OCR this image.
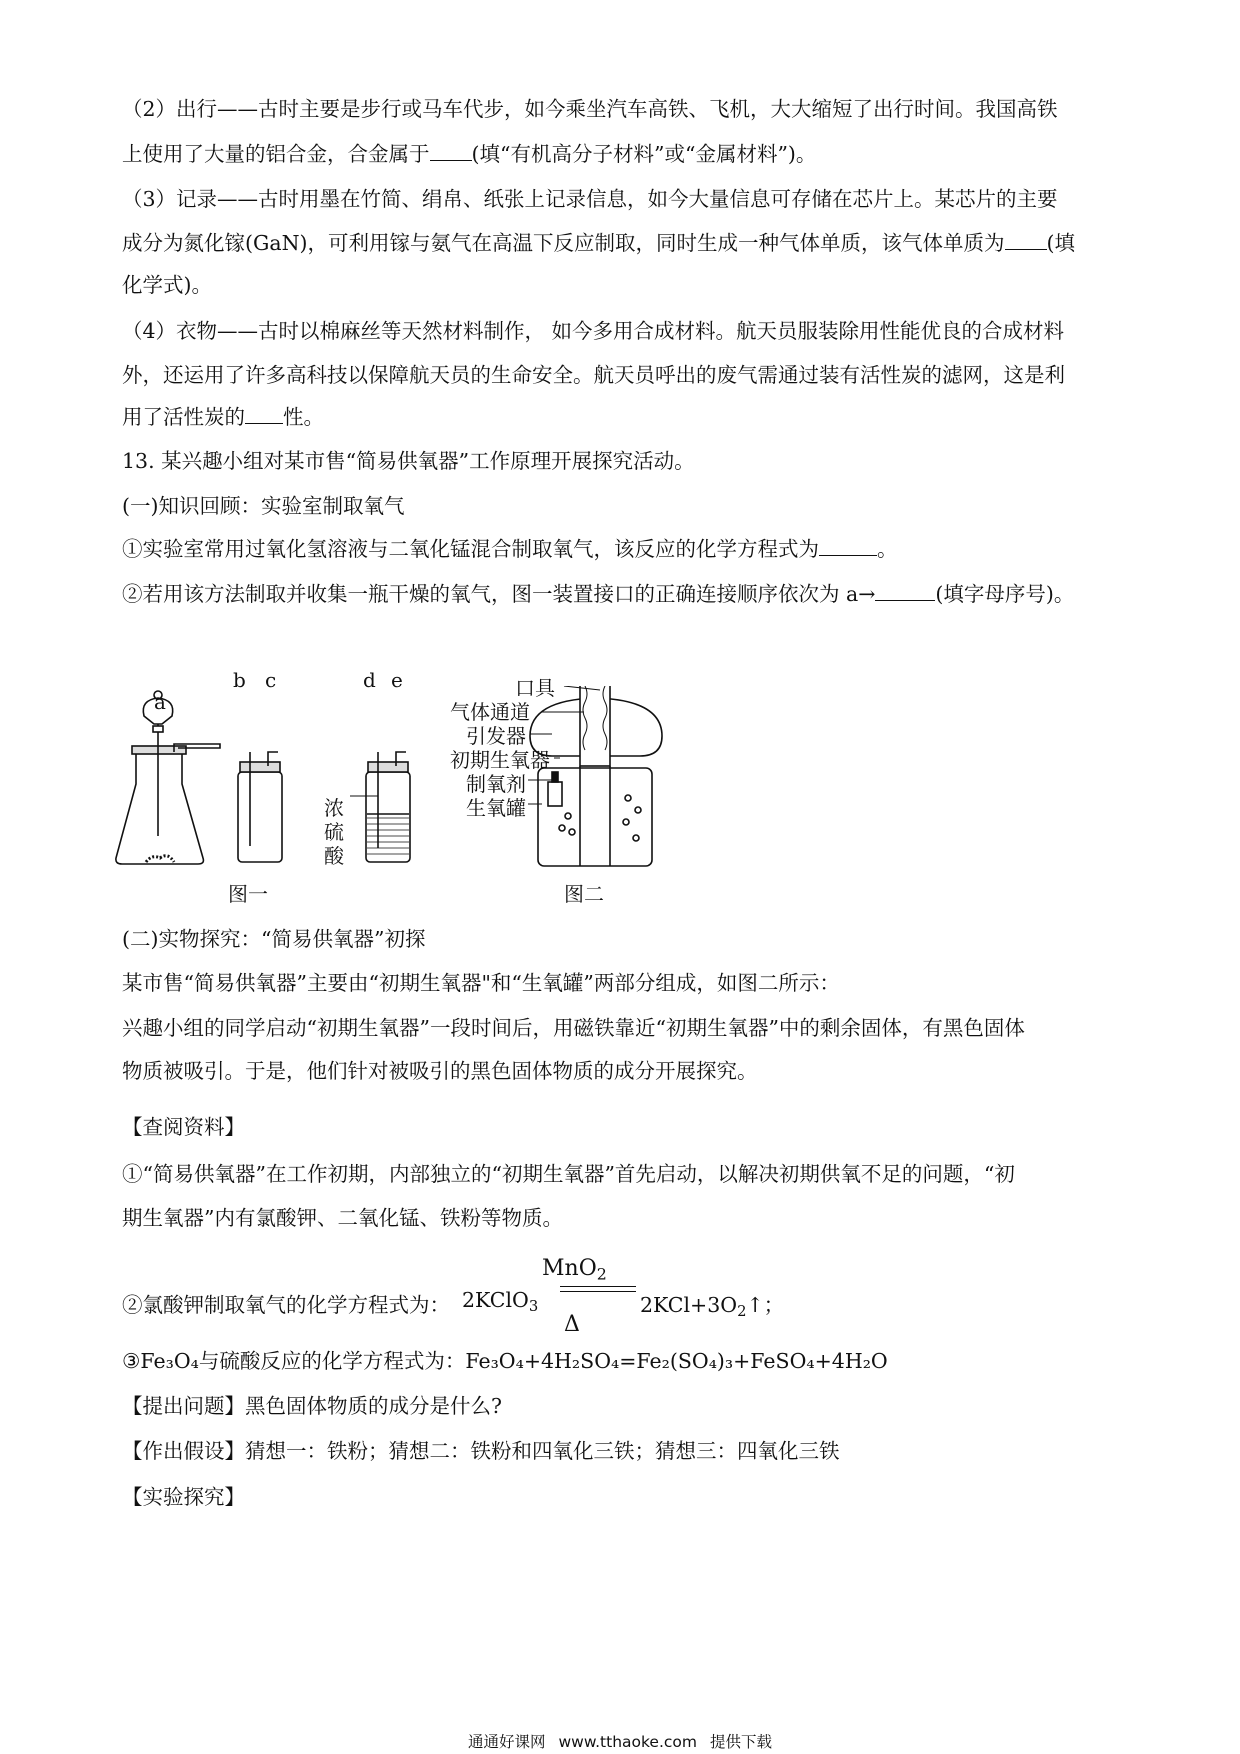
（2）出行——古时主要是步行或马车代步，如今乘坐汽车高铁、飞机，大大缩短了出行时间。我国高铁
上使用了大量的铝合金，合金属于 (填“有机高分子材料”或“金属材料”)。
（3）记录——古时用墨在竹简、绢帛、纸张上记录信息，如今大量信息可存储在芯片上。某芯片的主要
成分为氮化镓(GaN)，可利用镓与氨气在高温下反应制取，同时生成一种气体单质，该气体单质为 (填
化学式)。
（4）衣物——古时以棉麻丝等天然材料制作， 如今多用合成材料。航天员服装除用性能优良的合成材料
外，还运用了许多高科技以保障航天员的生命安全。航天员呼出的废气需通过装有活性炭的滤网，这是利
用了活性炭的 性。
13. 某兴趣小组对某市售“简易供氧器”工作原理开展探究活动。
(一)知识回顾：实验室制取氧气
①实验室常用过氧化氢溶液与二氧化锰混合制取氧气，该反应的化学方程式为	。
②若用该方法制取并收集一瓶干燥的氧气，图一装置接口的正确连接顺序依次为 a→	(填字母序号)。
a
b c	d e
浓
硫
酸
图一	图二
口具
气体通道
引发器
初期生氧器
制氧剂
生氧罐
(二)实物探究：“简易供氧器”初探
某市售“简易供氧器”主要由“初期生氧器"和“生氧罐”两部分组成，如图二所示：
兴趣小组的同学启动“初期生氧器”一段时间后，用磁铁靠近“初期生氧器”中的剩余固体，有黑色固体
物质被吸引。于是，他们针对被吸引的黑色固体物质的成分开展探究。
【查阅资料】
①“简易供氧器”在工作初期，内部独立的“初期生氧器”首先启动，以解决初期供氧不足的问题，“初
期生氧器”内有氯酸钾、二氧化锰、铁粉等物质。
②氯酸钾制取氧气的化学方程式为： 2KClO$_3$
MnO$_2$
Δ
$2KCl+3O_2↑$；
③Fe₃O₄与硫酸反应的化学方程式为：Fe₃O₄+4H₂SO₄=Fe₂(SO₄)₃+FeSO₄+4H₂O
【提出问题】黑色固体物质的成分是什么?
【作出假设】猜想一：铁粉；猜想二：铁粉和四氧化三铁；猜想三：四氧化三铁
【实验探究】
通通好课网 www.tthaoke.com 提供下载
